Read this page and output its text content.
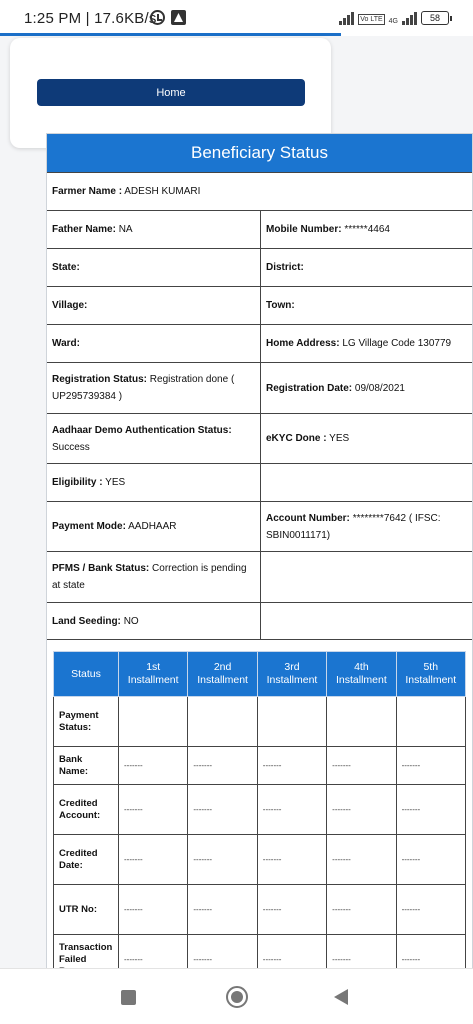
1:25 PM | 17.6KB/s	Vo LTE 4G	58
Home
Beneficiary Status
Farmer Name : ADESH KUMARI
Father Name: NA	Mobile Number: ******4464
State:	District:
Village:	Town:
Ward:	Home Address: LG Village Code 130779
Registration Status: Registration done ( UP295739384 )
Registration Date: 09/08/2021
Aadhaar Demo Authentication Status:
Success
eKYC Done : YES
Eligibility : YES
Payment Mode: AADHAAR
Account Number: ********7642 ( IFSC: SBIN0011171)
PFMS / Bank Status: Correction is pending at state
Land Seeding: NO
Status	1st Installment	2nd Installment	3rd Installment	4th Installment	5th Installment
Payment Status:					
Bank Name:	-------	-------	-------	-------	-------
Credited Account:	-------	-------	-------	-------	-------
Credited Date:	-------	-------	-------	-------	-------
UTR No:	-------	-------	-------	-------	-------
Transaction Failed	-------	-------	-------	-------	-------
